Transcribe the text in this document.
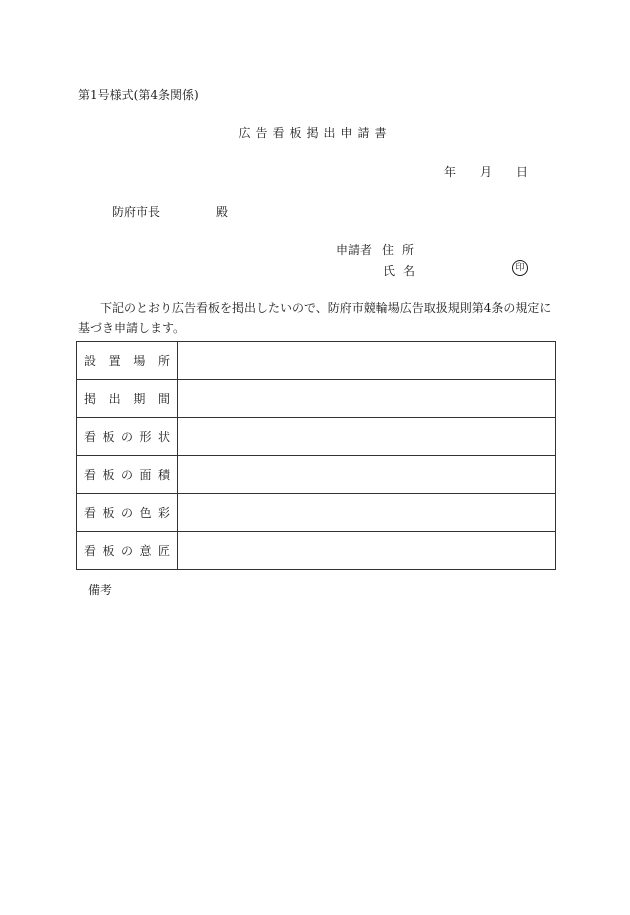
第1号様式(第4条関係)
広告看板掲出申請書
年 月 日
防府市長	殿
申請者 住所
氏名	印
下記のとおり広告看板を掲出したいので、防府市競輪場広告取扱規則第4条の規定に基づき申請します。
設 置 場 所	

掲 出 期 間	

看 板 の 形 状	

看 板 の 面 積	

看 板 の 色 彩	

看 板 の 意 匠	

備考
